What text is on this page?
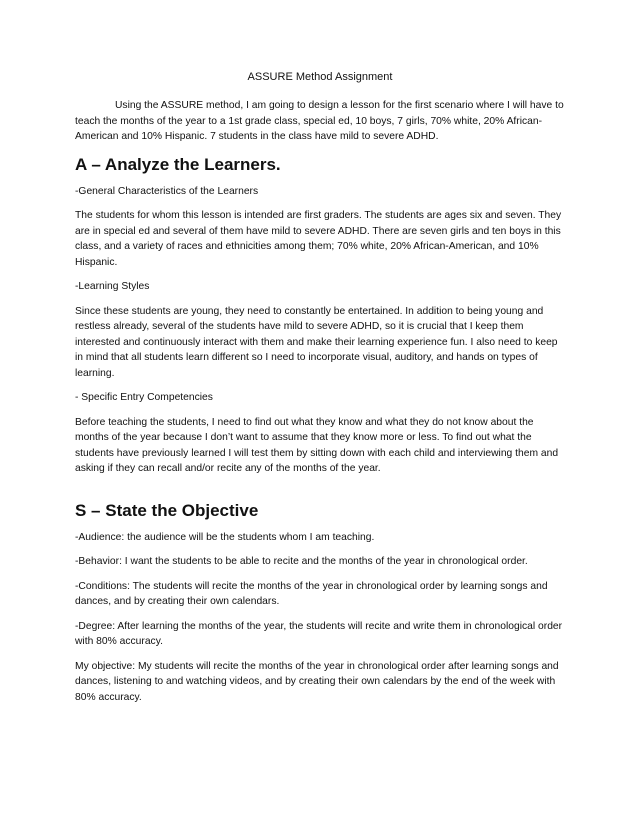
ASSURE Method Assignment

Using the ASSURE method, I am going to design a lesson for the first scenario where I will have to teach the months of the year to a 1st grade class, special ed, 10 boys, 7 girls, 70% white, 20% African-American and 10% Hispanic. 7 students in the class have mild to severe ADHD.

A – Analyze the Learners.

-General Characteristics of the Learners

The students for whom this lesson is intended are first graders. The students are ages six and seven. They are in special ed and several of them have mild to severe ADHD. There are seven girls and ten boys in this class, and a variety of races and ethnicities among them; 70% white, 20% African-American, and 10% Hispanic.

-Learning Styles

Since these students are young, they need to constantly be entertained. In addition to being young and restless already, several of the students have mild to severe ADHD, so it is crucial that I keep them interested and continuously interact with them and make their learning experience fun. I also need to keep in mind that all students learn different so I need to incorporate visual, auditory, and hands on types of learning.

- Specific Entry Competencies

Before teaching the students, I need to find out what they know and what they do not know about the months of the year because I don’t want to assume that they know more or less. To find out what the students have previously learned I will test them by sitting down with each child and interviewing them and asking if they can recall and/or recite any of the months of the year.

S – State the Objective

-Audience: the audience will be the students whom I am teaching.

-Behavior: I want the students to be able to recite and the months of the year in chronological order.

-Conditions: The students will recite the months of the year in chronological order by learning songs and dances, and by creating their own calendars.

-Degree: After learning the months of the year, the students will recite and write them in chronological order with 80% accuracy.

My objective: My students will recite the months of the year in chronological order after learning songs and dances, listening to and watching videos, and by creating their own calendars by the end of the week with 80% accuracy.
